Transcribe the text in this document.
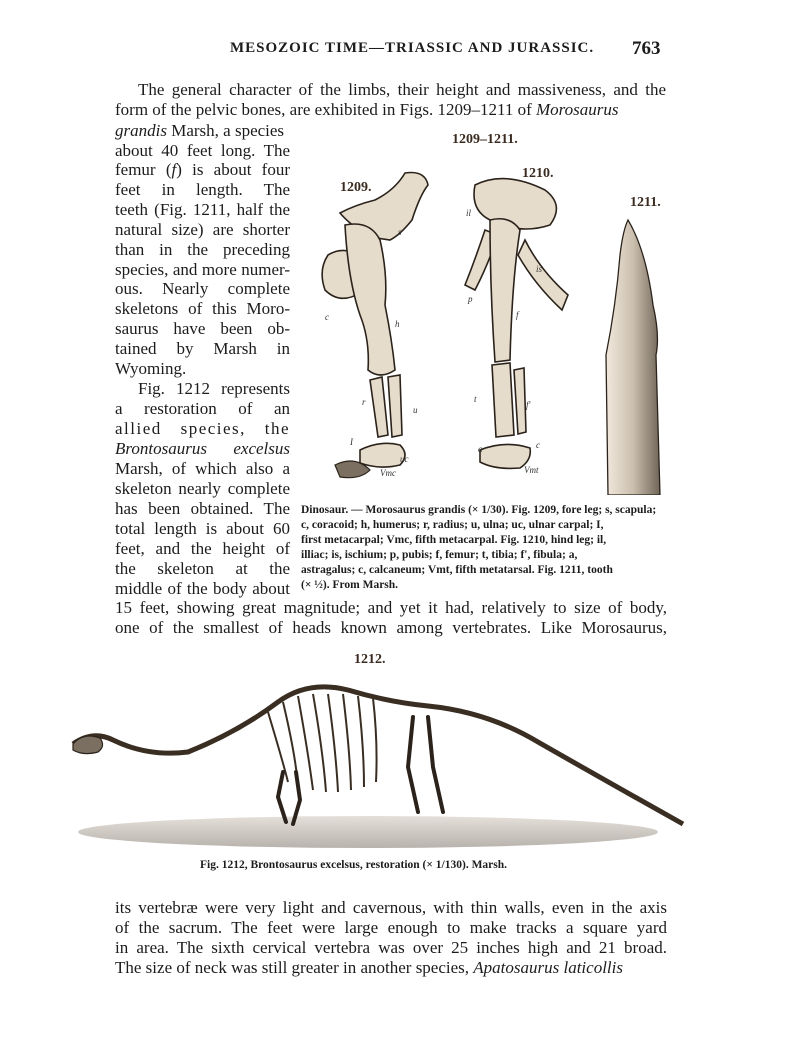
MESOZOIC TIME—TRIASSIC AND JURASSIC. 763
The general character of the limbs, their height and massiveness, and the
form of the pelvic bones, are exhibited in Figs. 1209–1211 of Morosaurus
grandis Marsh, a species
about 40 feet long. The
femur (f) is about four
feet in length. The
teeth (Fig. 1211, half the
natural size) are shorter
than in the preceding
species, and more numer-
ous. Nearly complete
skeletons of this Moro-
saurus have been ob-
tained by Marsh in
Wyoming.
Fig. 1212 represents
a restoration of an
allied species, the
Brontosaurus excelsus
Marsh, of which also a
skeleton nearly complete
has been obtained. The
total length is about 60
feet, and the height of
the skeleton at the
middle of the body about
15 feet, showing great magnitude; and yet it had, relatively to size of body,
one of the smallest of heads known among vertebrates. Like Morosaurus,
1209–1211.
1209.
1210.
1211.
s
c
h
r
u
I
uc
Vmc
il
is
p
f
t
f'
a	c
Vmt
Dinosaur. — Morosaurus grandis (× 1/30). Fig. 1209, fore leg; s, scapula;
c, coracoid; h, humerus; r, radius; u, ulna; uc, ulnar carpal; I,
first metacarpal; Vmc, fifth metacarpal. Fig. 1210, hind leg; il,
illiac; is, ischium; p, pubis; f, femur; t, tibia; f', fibula; a,
astragalus; c, calcaneum; Vmt, fifth metatarsal. Fig. 1211, tooth
(× ½). From Marsh.
1212.
Fig. 1212, Brontosaurus excelsus, restoration (× 1/130). Marsh.
its vertebræ were very light and cavernous, with thin walls, even in the axis
of the sacrum. The feet were large enough to make tracks a square yard
in area. The sixth cervical vertebra was over 25 inches high and 21 broad.
The size of neck was still greater in another species, Apatosaurus laticollis
